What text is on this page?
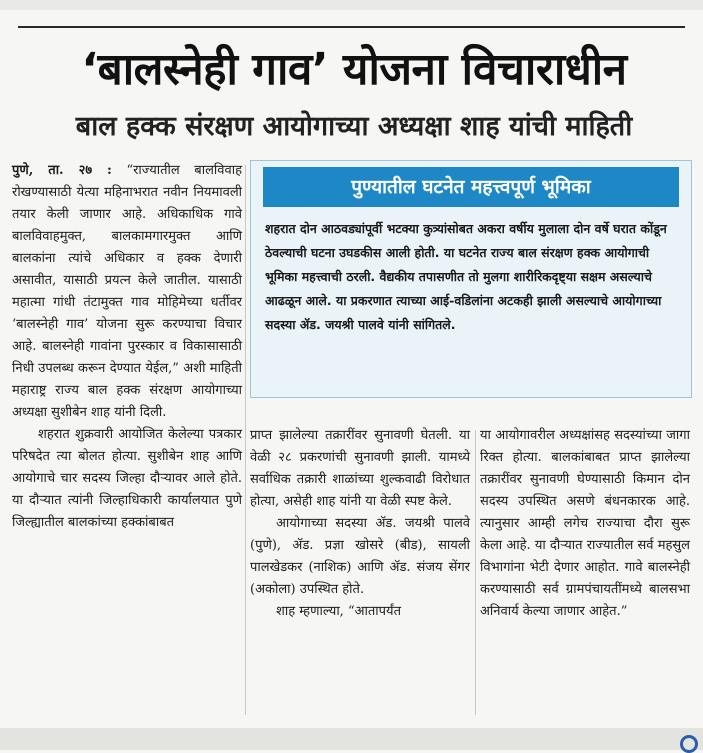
‘बालस्नेही गाव’ योजना विचाराधीन
बाल हक्क संरक्षण आयोगाच्या अध्यक्षा शाह यांची माहिती

पुणे, ता. २७ : “राज्यातील बालविवाह रोखण्यासाठी येत्या महिनाभरात नवीन नियमावली तयार केली जाणार आहे. अधिकाधिक गावे बालविवाहमुक्त, बालकामगारमुक्त आणि बालकांना त्यांचे अधिकार व हक्क देणारी असावीत, यासाठी प्रयत्न केले जातील. यासाठी महात्मा गांधी तंटामुक्त गाव मोहिमेच्या धर्तीवर ‘बालस्नेही गाव’ योजना सुरू करण्याचा विचार आहे. बालस्नेही गावांना पुरस्कार व विकासासाठी निधी उपलब्ध करून देण्यात येईल,” अशी माहिती महाराष्ट्र राज्य बाल हक्क संरक्षण आयोगाच्या अध्यक्षा सुशीबेन शाह यांनी दिली.

शहरात शुक्रवारी आयोजित केलेल्या पत्रकार परिषदेत त्या बोलत होत्या. सुशीबेन शाह आणि आयोगाचे चार सदस्य जिल्हा दौऱ्यावर आले होते. या दौऱ्यात त्यांनी जिल्हाधिकारी कार्यालयात पुणे जिल्ह्यातील बालकांच्या हक्कांबाबत

पुण्यातील घटनेत महत्त्वपूर्ण भूमिका
शहरात दोन आठवड्यांपूर्वी भटक्या कुत्र्यांसोबत अकरा वर्षीय मुलाला दोन वर्षे घरात कोंडून ठेवल्याची घटना उघडकीस आली होती. या घटनेत राज्य बाल संरक्षण हक्क आयोगाची भूमिका महत्त्वाची ठरली. वैद्यकीय तपासणीत तो मुलगा शारीरिकदृष्ट्या सक्षम असल्याचे आढळून आले. या प्रकरणात त्याच्या आई-वडिलांना अटकही झाली असल्याचे आयोगाच्या सदस्या ॲड. जयश्री पालवे यांनी सांगितले.

प्राप्त झालेल्या तक्रारींवर सुनावणी घेतली. या वेळी २८ प्रकरणांची सुनावणी झाली. यामध्ये सर्वाधिक तक्रारी शाळांच्या शुल्कवाढी विरोधात होत्या, असेही शाह यांनी या वेळी स्पष्ट केले.

आयोगाच्या सदस्या ॲड. जयश्री पालवे (पुणे), ॲड. प्रज्ञा खोसरे (बीड), सायली पालखेडकर (नाशिक) आणि ॲड. संजय सेंगर (अकोला) उपस्थित होते.

शाह म्हणाल्या, “आतापर्यंत

या आयोगावरील अध्यक्षांसह सदस्यांच्या जागा रिक्त होत्या. बालकांबाबत प्राप्त झालेल्या तक्रारींवर सुनावणी घेण्यासाठी किमान दोन सदस्य उपस्थित असणे बंधनकारक आहे. त्यानुसार आम्ही लगेच राज्याचा दौरा सुरू केला आहे. या दौऱ्यात राज्यातील सर्व महसुल विभागांना भेटी देणार आहोत. गावे बालस्नेही करण्यासाठी सर्व ग्रामपंचायतींमध्ये बालसभा अनिवार्य केल्या जाणार आहेत.”
